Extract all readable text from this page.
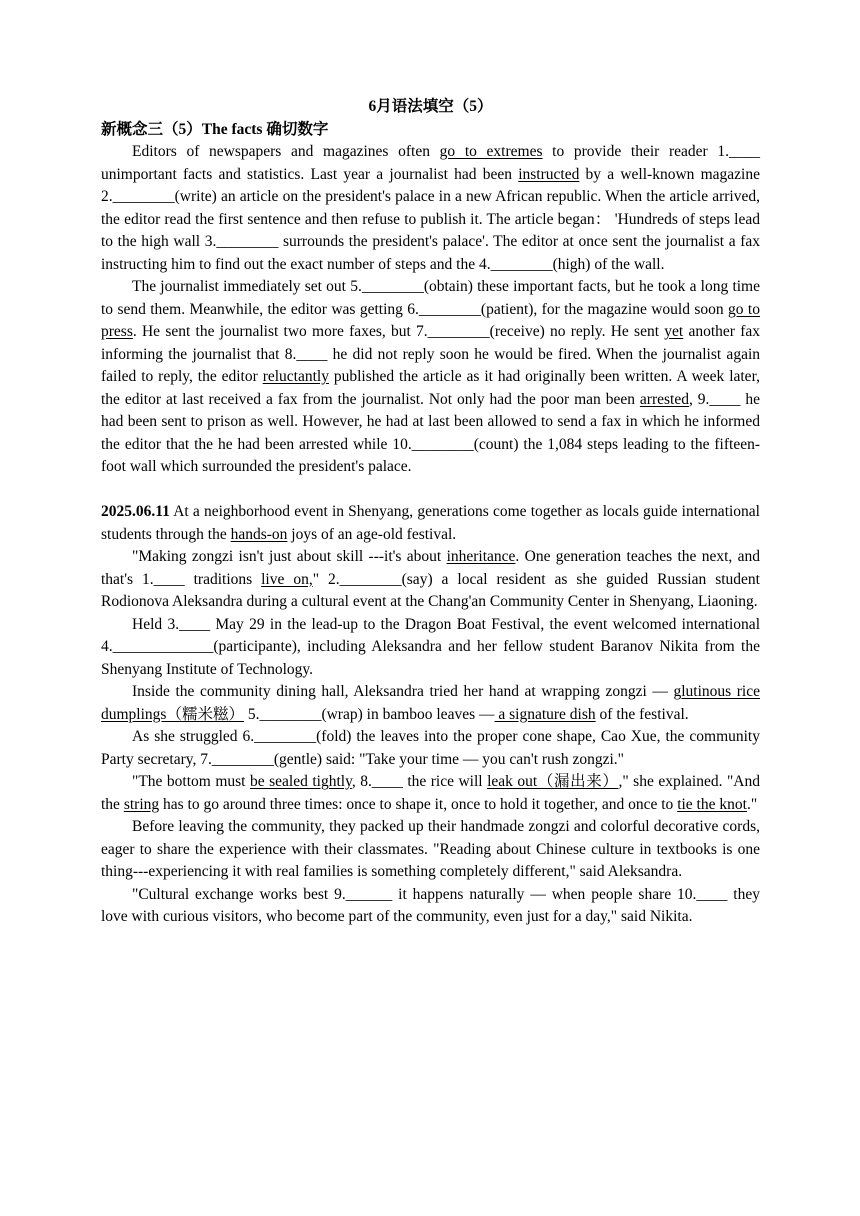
6月语法填空（5）
新概念三（5）The facts 确切数字

Editors of newspapers and magazines often go to extremes to provide their reader 1.____ unimportant facts and statistics. Last year a journalist had been instructed by a well-known magazine 2.________(write) an article on the president's palace in a new African republic. When the article arrived, the editor read the first sentence and then refuse to publish it. The article began： 'Hundreds of steps lead to the high wall 3.________ surrounds the president's palace'. The editor at once sent the journalist a fax instructing him to find out the exact number of steps and the 4.________(high) of the wall.

The journalist immediately set out 5.________(obtain) these important facts, but he took a long time to send them. Meanwhile, the editor was getting 6.________(patient), for the magazine would soon go to press. He sent the journalist two more faxes, but 7.________(receive) no reply. He sent yet another fax informing the journalist that 8.____ he did not reply soon he would be fired. When the journalist again failed to reply, the editor reluctantly published the article as it had originally been written. A week later, the editor at last received a fax from the journalist. Not only had the poor man been arrested, 9.____ he had been sent to prison as well. However, he had at last been allowed to send a fax in which he informed the editor that the he had been arrested while 10.________(count) the 1,084 steps leading to the fifteen-foot wall which surrounded the president's palace.

2025.06.11 At a neighborhood event in Shenyang, generations come together as locals guide international students through the hands-on joys of an age-old festival.

"Making zongzi isn't just about skill ---it's about inheritance. One generation teaches the next, and that's 1.____ traditions live on," 2.________(say) a local resident as she guided Russian student Rodionova Aleksandra during a cultural event at the Chang'an Community Center in Shenyang, Liaoning.

Held 3.____ May 29 in the lead-up to the Dragon Boat Festival, the event welcomed international 4._____________(participante), including Aleksandra and her fellow student Baranov Nikita from the Shenyang Institute of Technology.

Inside the community dining hall, Aleksandra tried her hand at wrapping zongzi — glutinous rice dumplings（糯米糍） 5.________(wrap) in bamboo leaves — a signature dish of the festival.

As she struggled 6.________(fold) the leaves into the proper cone shape, Cao Xue, the community Party secretary, 7.________(gentle) said: "Take your time — you can't rush zongzi."

"The bottom must be sealed tightly, 8.____ the rice will leak out（漏出来）," she explained. "And the string has to go around three times: once to shape it, once to hold it together, and once to tie the knot."

Before leaving the community, they packed up their handmade zongzi and colorful decorative cords, eager to share the experience with their classmates. "Reading about Chinese culture in textbooks is one thing---experiencing it with real families is something completely different," said Aleksandra.

"Cultural exchange works best 9.______ it happens naturally — when people share 10.____ they love with curious visitors, who become part of the community, even just for a day," said Nikita.
